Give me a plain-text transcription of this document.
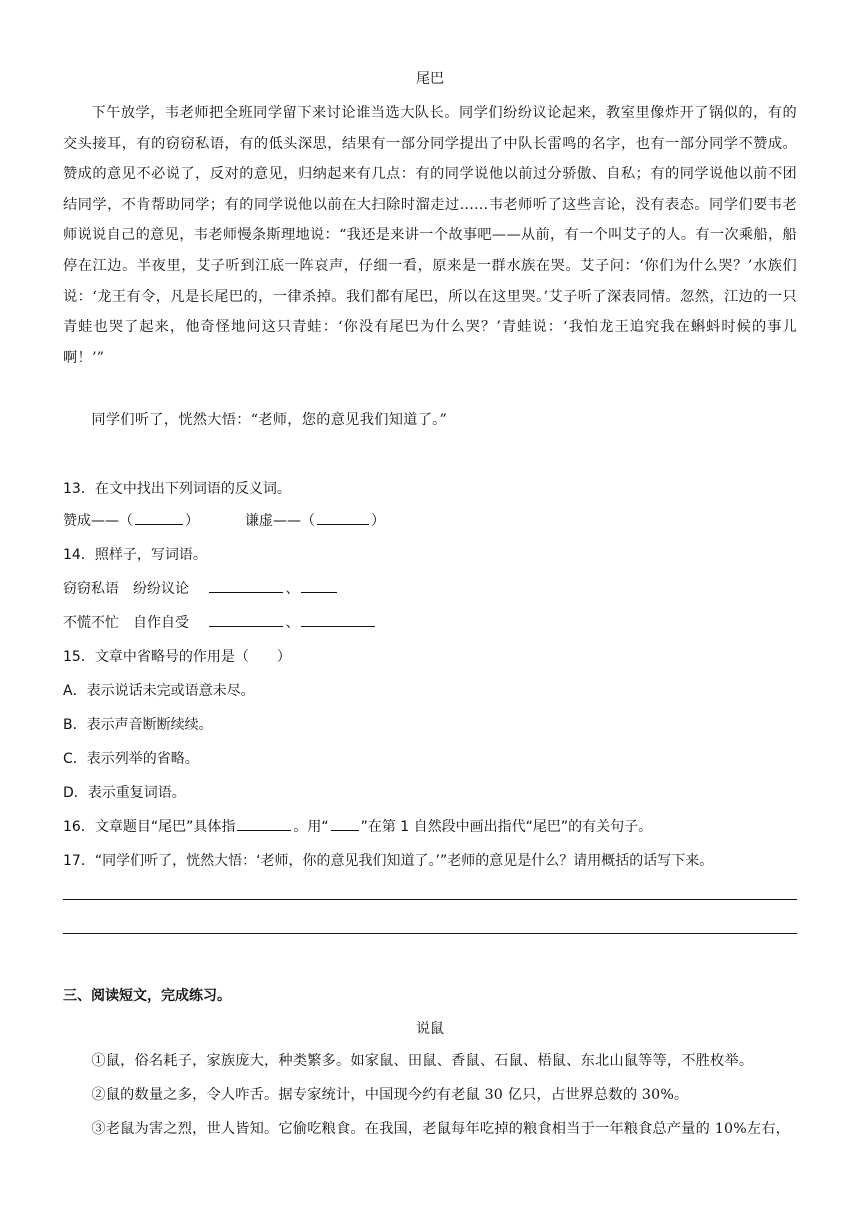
尾巴
下午放学，韦老师把全班同学留下来讨论谁当选大队长。同学们纷纷议论起来，教室里像炸开了锅似的，有的交头接耳，有的窃窃私语，有的低头深思，结果有一部分同学提出了中队长雷鸣的名字，也有一部分同学不赞成。赞成的意见不必说了，反对的意见，归纳起来有几点：有的同学说他以前过分骄傲、自私；有的同学说他以前不团结同学，不肯帮助同学；有的同学说他以前在大扫除时溜走过……韦老师听了这些言论，没有表态。同学们要韦老师说说自己的意见，韦老师慢条斯理地说：“我还是来讲一个故事吧——从前，有一个叫艾子的人。有一次乘船，船停在江边。半夜里，艾子听到江底一阵哀声，仔细一看，原来是一群水族在哭。艾子问：‘你们为什么哭？’水族们说：‘龙王有令，凡是长尾巴的，一律杀掉。我们都有尾巴，所以在这里哭。’艾子听了深表同情。忽然，江边的一只青蛙也哭了起来，他奇怪地问这只青蛙：‘你没有尾巴为什么哭？’青蛙说：‘我怕龙王追究我在蝌蚪时候的事儿啊！’”
同学们听了，恍然大悟：“老师，您的意见我们知道了。”
13．在文中找出下列词语的反义词。
赞成——（	）	谦虚——（	）
14．照样子，写词语。
窃窃私语　纷纷议论	、
不慌不忙　自作自受	、
15．文章中省略号的作用是（　　）
A．表示说话未完或语意未尽。
B．表示声音断断续续。
C．表示列举的省略。
D．表示重复词语。
16．文章题目“尾巴”具体指	。用“ ”在第 1 自然段中画出指代“尾巴”的有关句子。
17．“同学们听了，恍然大悟：‘老师，你的意见我们知道了。’”老师的意见是什么？请用概括的话写下来。
三、阅读短文，完成练习。
说鼠
①鼠，俗名耗子，家族庞大，种类繁多。如家鼠、田鼠、香鼠、石鼠、梧鼠、东北山鼠等等，不胜枚举。
②鼠的数量之多，令人咋舌。据专家统计，中国现今约有老鼠 30 亿只，占世界总数的 30%。
③老鼠为害之烈，世人皆知。它偷吃粮食。在我国，老鼠每年吃掉的粮食相当于一年粮食总产量的 10%左右，
